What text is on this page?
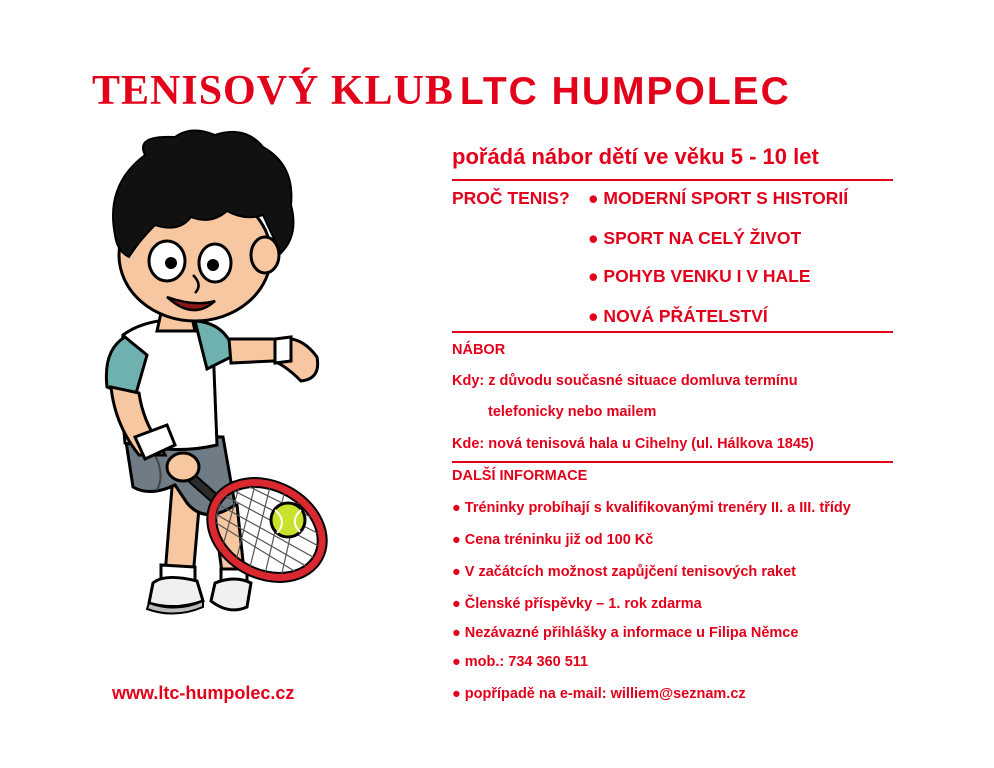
TENISOVÝ KLUB LTC HUMPOLEC
pořádá nábor dětí ve věku 5 - 10 let
PROČ TENIS? ● MODERNÍ SPORT S HISTORIÍ
● SPORT NA CELÝ ŽIVOT
● POHYB VENKU I V HALE
● NOVÁ PŘÁTELSTVÍ
NÁBOR
Kdy: z důvodu současné situace domluva termínu
telefonicky nebo mailem
Kde: nová tenisová hala u Cihelny (ul. Hálkova 1845)
DALŠÍ INFORMACE
● Tréninky probíhají s kvalifikovanými trenéry II. a III. třídy
● Cena tréninku již od 100 Kč
● V začátcích možnost zapůjčení tenisových raket
● Členské příspěvky – 1. rok zdarma
● Nezávazné přihlášky a informace u Filipa Němce
● mob.: 734 360 511
● popřípadě na e-mail: williem@seznam.cz
www.ltc-humpolec.cz
